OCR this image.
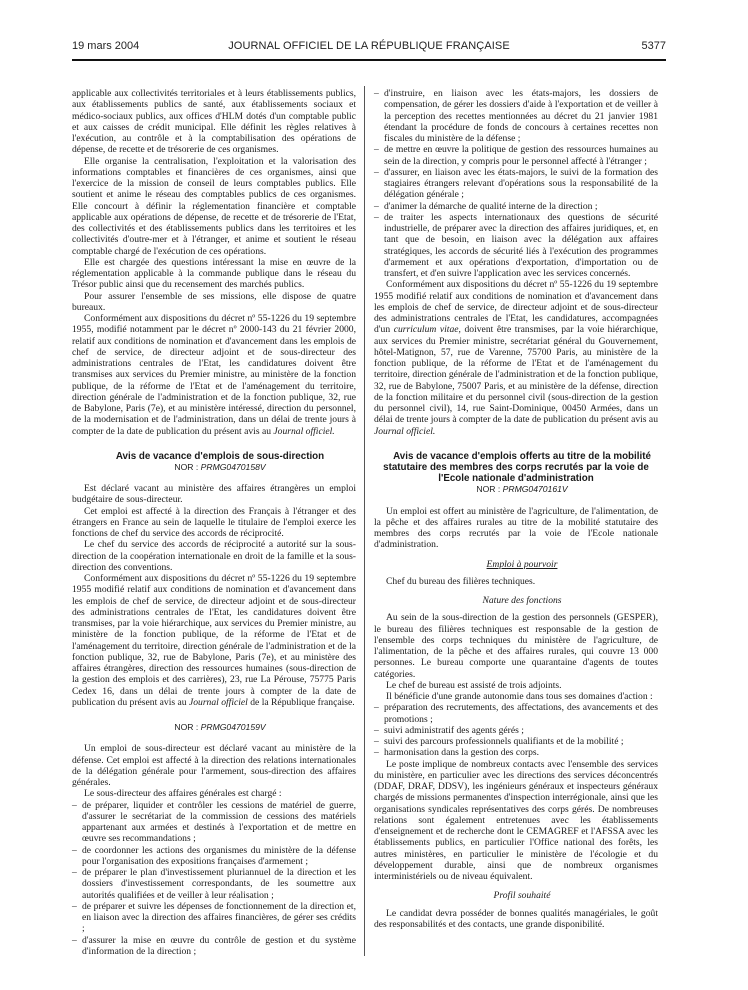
19 mars 2004	JOURNAL OFFICIEL DE LA RÉPUBLIQUE FRANÇAISE	5377

applicable aux collectivités territoriales et à leurs établissements publics, aux établissements publics de santé, aux établissements sociaux et médico-sociaux publics, aux offices d'HLM dotés d'un comptable public et aux caisses de crédit municipal. Elle définit les règles relatives à l'exécution, au contrôle et à la comptabilisation des opérations de dépense, de recette et de trésorerie de ces organismes.

Elle organise la centralisation, l'exploitation et la valorisation des informations comptables et financières de ces organismes, ainsi que l'exercice de la mission de conseil de leurs comptables publics. Elle soutient et anime le réseau des comptables publics de ces organismes. Elle concourt à définir la réglementation financière et comptable applicable aux opérations de dépense, de recette et de trésorerie de l'Etat, des collectivités et des établissements publics dans les territoires et les collectivités d'outre-mer et à l'étranger, et anime et soutient le réseau comptable chargé de l'exécution de ces opérations.

Elle est chargée des questions intéressant la mise en œuvre de la réglementation applicable à la commande publique dans le réseau du Trésor public ainsi que du recensement des marchés publics.

Pour assurer l'ensemble de ses missions, elle dispose de quatre bureaux.

Conformément aux dispositions du décret nº 55-1226 du 19 septembre 1955, modifié notamment par le décret nº 2000-143 du 21 février 2000, relatif aux conditions de nomination et d'avancement dans les emplois de chef de service, de directeur adjoint et de sous-directeur des administrations centrales de l'Etat, les candidatures doivent être transmises aux services du Premier ministre, au ministère de la fonction publique, de la réforme de l'Etat et de l'aménagement du territoire, direction générale de l'administration et de la fonction publique, 32, rue de Babylone, Paris (7e), et au ministère intéressé, direction du personnel, de la modernisation et de l'administration, dans un délai de trente jours à compter de la date de publication du présent avis au Journal officiel.

Avis de vacance d'emplois de sous-direction

NOR : PRMG0470158V

Est déclaré vacant au ministère des affaires étrangères un emploi budgétaire de sous-directeur.

Cet emploi est affecté à la direction des Français à l'étranger et des étrangers en France au sein de laquelle le titulaire de l'emploi exerce les fonctions de chef du service des accords de réciprocité.

Le chef du service des accords de réciprocité a autorité sur la sous-direction de la coopération internationale en droit de la famille et la sous-direction des conventions.

Conformément aux dispositions du décret nº 55-1226 du 19 septembre 1955 modifié relatif aux conditions de nomination et d'avancement dans les emplois de chef de service, de directeur adjoint et de sous-directeur des administrations centrales de l'Etat, les candidatures doivent être transmises, par la voie hiérarchique, aux services du Premier ministre, au ministère de la fonction publique, de la réforme de l'Etat et de l'aménagement du territoire, direction générale de l'administration et de la fonction publique, 32, rue de Babylone, Paris (7e), et au ministère des affaires étrangères, direction des ressources humaines (sous-direction de la gestion des emplois et des carrières), 23, rue La Pérouse, 75775 Paris Cedex 16, dans un délai de trente jours à compter de la date de publication du présent avis au Journal officiel de la République française.

NOR : PRMG0470159V

Un emploi de sous-directeur est déclaré vacant au ministère de la défense. Cet emploi est affecté à la direction des relations internationales de la délégation générale pour l'armement, sous-direction des affaires générales.

Le sous-directeur des affaires générales est chargé :

– de préparer, liquider et contrôler les cessions de matériel de guerre, d'assurer le secrétariat de la commission de cessions des matériels appartenant aux armées et destinés à l'exportation et de mettre en œuvre ses recommandations ;
– de coordonner les actions des organismes du ministère de la défense pour l'organisation des expositions françaises d'armement ;
– de préparer le plan d'investissement pluriannuel de la direction et les dossiers d'investissement correspondants, de les soumettre aux autorités qualifiées et de veiller à leur réalisation ;
– de préparer et suivre les dépenses de fonctionnement de la direction et, en liaison avec la direction des affaires financières, de gérer ses crédits ;
– d'assurer la mise en œuvre du contrôle de gestion et du système d'information de la direction ;
– d'instruire, en liaison avec les états-majors, les dossiers de compensation, de gérer les dossiers d'aide à l'exportation et de veiller à la perception des recettes mentionnées au décret du 21 janvier 1981 étendant la procédure de fonds de concours à certaines recettes non fiscales du ministère de la défense ;
– de mettre en œuvre la politique de gestion des ressources humaines au sein de la direction, y compris pour le personnel affecté à l'étranger ;
– d'assurer, en liaison avec les états-majors, le suivi de la formation des stagiaires étrangers relevant d'opérations sous la responsabilité de la délégation générale ;
– d'animer la démarche de qualité interne de la direction ;
– de traiter les aspects internationaux des questions de sécurité industrielle, de préparer avec la direction des affaires juridiques, et, en tant que de besoin, en liaison avec la délégation aux affaires stratégiques, les accords de sécurité liés à l'exécution des programmes d'armement et aux opérations d'exportation, d'importation ou de transfert, et d'en suivre l'application avec les services concernés.

Conformément aux dispositions du décret nº 55-1226 du 19 septembre 1955 modifié relatif aux conditions de nomination et d'avancement dans les emplois de chef de service, de directeur adjoint et de sous-directeur des administrations centrales de l'Etat, les candidatures, accompagnées d'un curriculum vitae, doivent être transmises, par la voie hiérarchique, aux services du Premier ministre, secrétariat général du Gouvernement, hôtel-Matignon, 57, rue de Varenne, 75700 Paris, au ministère de la fonction publique, de la réforme de l'Etat et de l'aménagement du territoire, direction générale de l'administration et de la fonction publique, 32, rue de Babylone, 75007 Paris, et au ministère de la défense, direction de la fonction militaire et du personnel civil (sous-direction de la gestion du personnel civil), 14, rue Saint-Dominique, 00450 Armées, dans un délai de trente jours à compter de la date de publication du présent avis au Journal officiel.

Avis de vacance d'emplois offerts au titre de la mobilité statutaire des membres des corps recrutés par la voie de l'Ecole nationale d'administration

NOR : PRMG0470161V

Un emploi est offert au ministère de l'agriculture, de l'alimentation, de la pêche et des affaires rurales au titre de la mobilité statutaire des membres des corps recrutés par la voie de l'Ecole nationale d'administration.

Emploi à pourvoir

Chef du bureau des filières techniques.

Nature des fonctions

Au sein de la sous-direction de la gestion des personnels (GESPER), le bureau des filières techniques est responsable de la gestion de l'ensemble des corps techniques du ministère de l'agriculture, de l'alimentation, de la pêche et des affaires rurales, qui couvre 13 000 personnes. Le bureau comporte une quarantaine d'agents de toutes catégories.

Le chef de bureau est assisté de trois adjoints.

Il bénéficie d'une grande autonomie dans tous ses domaines d'action :

– préparation des recrutements, des affectations, des avancements et des promotions ;
– suivi administratif des agents gérés ;
– suivi des parcours professionnels qualifiants et de la mobilité ;
– harmonisation dans la gestion des corps.

Le poste implique de nombreux contacts avec l'ensemble des services du ministère, en particulier avec les directions des services déconcentrés (DDAF, DRAF, DDSV), les ingénieurs généraux et inspecteurs généraux chargés de missions permanentes d'inspection interrégionale, ainsi que les organisations syndicales représentatives des corps gérés. De nombreuses relations sont également entretenues avec les établissements d'enseignement et de recherche dont le CEMAGREF et l'AFSSA avec les établissements publics, en particulier l'Office national des forêts, les autres ministères, en particulier le ministère de l'écologie et du développement durable, ainsi que de nombreux organismes interministériels ou de niveau équivalent.

Profil souhaité

Le candidat devra posséder de bonnes qualités managériales, le goût des responsabilités et des contacts, une grande disponibilité.
